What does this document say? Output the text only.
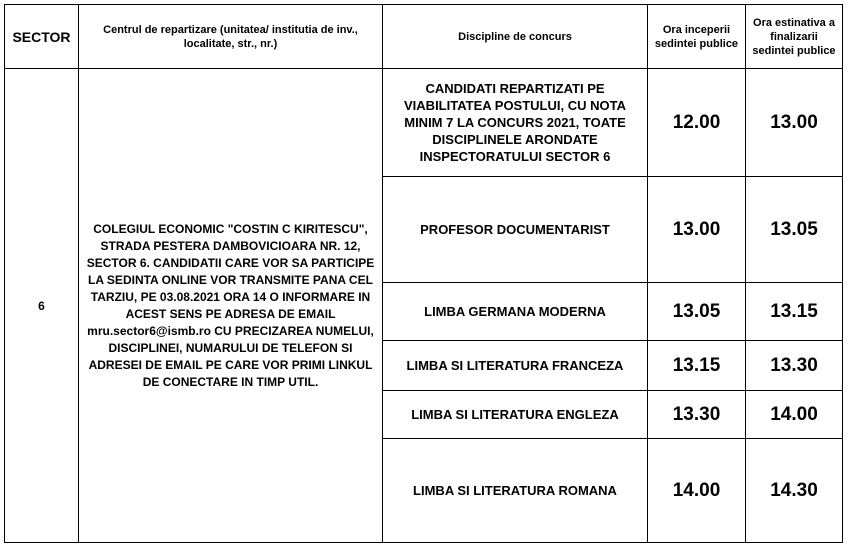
SECTOR	Centrul de repartizare (unitatea/ institutia de inv., localitate, str., nr.)	Discipline de concurs	Ora inceperii sedintei publice	Ora estinativa a finalizarii sedintei publice
6	COLEGIUL ECONOMIC "COSTIN C KIRITESCU", STRADA PESTERA DAMBOVICIOARA NR. 12, SECTOR 6. CANDIDATII CARE VOR SA PARTICIPE LA SEDINTA ONLINE VOR TRANSMITE PANA CEL TARZIU, PE 03.08.2021 ORA 14 O INFORMARE IN ACEST SENS PE ADRESA DE EMAIL mru.sector6@ismb.ro CU PRECIZAREA NUMELUI, DISCIPLINEI, NUMARULUI DE TELEFON SI ADRESEI DE EMAIL PE CARE VOR PRIMI LINKUL DE CONECTARE IN TIMP UTIL.	CANDIDATI REPARTIZATI PE VIABILITATEA POSTULUI, CU NOTA MINIM 7 LA CONCURS 2021, TOATE DISCIPLINELE ARONDATE INSPECTORATULUI SECTOR 6	12.00	13.00
		PROFESOR DOCUMENTARIST	13.00	13.05
		LIMBA GERMANA MODERNA	13.05	13.15
		LIMBA SI LITERATURA FRANCEZA	13.15	13.30
		LIMBA SI LITERATURA ENGLEZA	13.30	14.00
		LIMBA SI LITERATURA ROMANA	14.00	14.30
